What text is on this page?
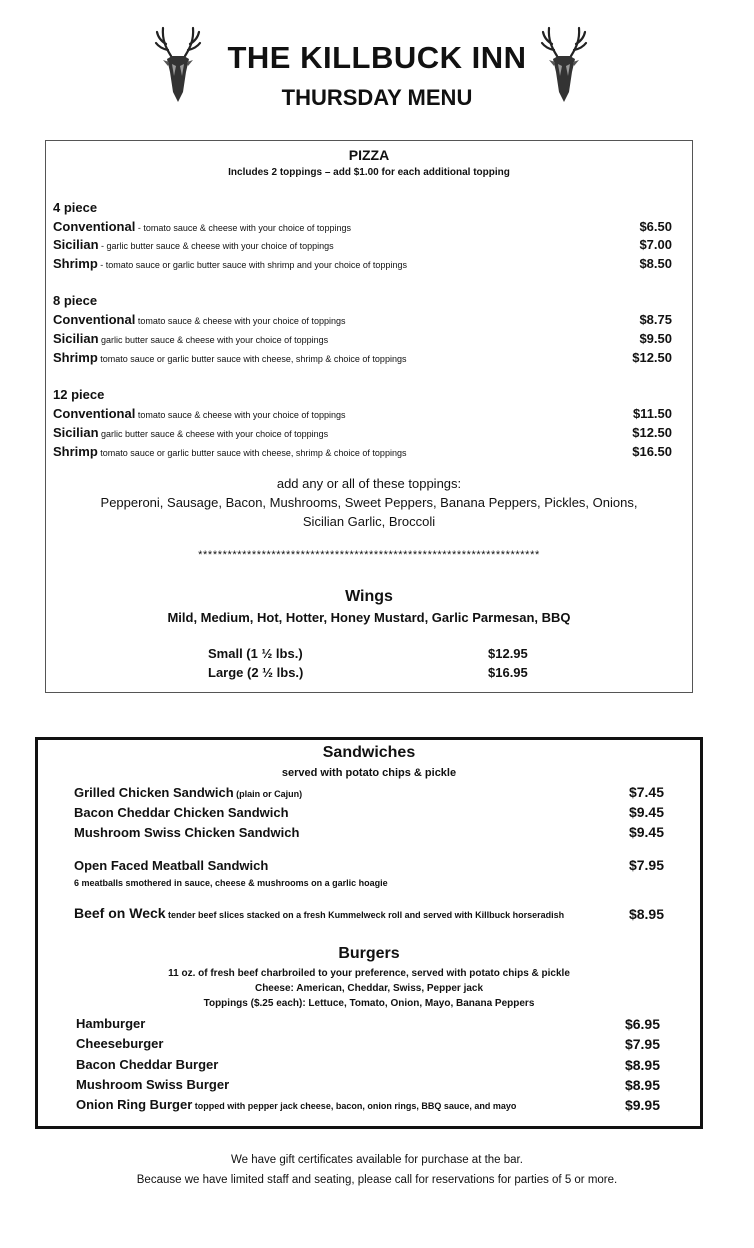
THE KILLBUCK INN
THURSDAY MENU
PIZZA
Includes 2 toppings – add $1.00 for each additional topping
4 piece
Conventional - tomato sauce & cheese with your choice of toppings	$6.50
Sicilian - garlic butter sauce & cheese with your choice of toppings	$7.00
Shrimp - tomato sauce or garlic butter sauce with shrimp and your choice of toppings	$8.50
8 piece
Conventional tomato sauce & cheese with your choice of toppings	$8.75
Sicilian garlic butter sauce & cheese with your choice of toppings	$9.50
Shrimp tomato sauce or garlic butter sauce with cheese, shrimp & choice of toppings	$12.50
12 piece
Conventional tomato sauce & cheese with your choice of toppings	$11.50
Sicilian garlic butter sauce & cheese with your choice of toppings	$12.50
Shrimp tomato sauce or garlic butter sauce with cheese, shrimp & choice of toppings	$16.50
add any or all of these toppings:
Pepperoni, Sausage, Bacon, Mushrooms, Sweet Peppers, Banana Peppers, Pickles, Onions,
Sicilian Garlic, Broccoli
**********************************************************************
Wings
Mild, Medium, Hot, Hotter, Honey Mustard, Garlic Parmesan, BBQ
Small (1 ½ lbs.)	$12.95
Large (2 ½ lbs.)	$16.95
Sandwiches
served with potato chips & pickle
Grilled Chicken Sandwich (plain or Cajun)	$7.45
Bacon Cheddar Chicken Sandwich	$9.45
Mushroom Swiss Chicken Sandwich	$9.45
Open Faced Meatball Sandwich	$7.95
6 meatballs smothered in sauce, cheese & mushrooms on a garlic hoagie
Beef on Weck tender beef slices stacked on a fresh Kummelweck roll and served with Killbuck horseradish	$8.95
Burgers
11 oz. of fresh beef charbroiled to your preference, served with potato chips & pickle
Cheese: American, Cheddar, Swiss, Pepper jack
Toppings ($.25 each): Lettuce, Tomato, Onion, Mayo, Banana Peppers
Hamburger	$6.95
Cheeseburger	$7.95
Bacon Cheddar Burger	$8.95
Mushroom Swiss Burger	$8.95
Onion Ring Burger topped with pepper jack cheese, bacon, onion rings, BBQ sauce, and mayo	$9.95
We have gift certificates available for purchase at the bar.
Because we have limited staff and seating, please call for reservations for parties of 5 or more.
